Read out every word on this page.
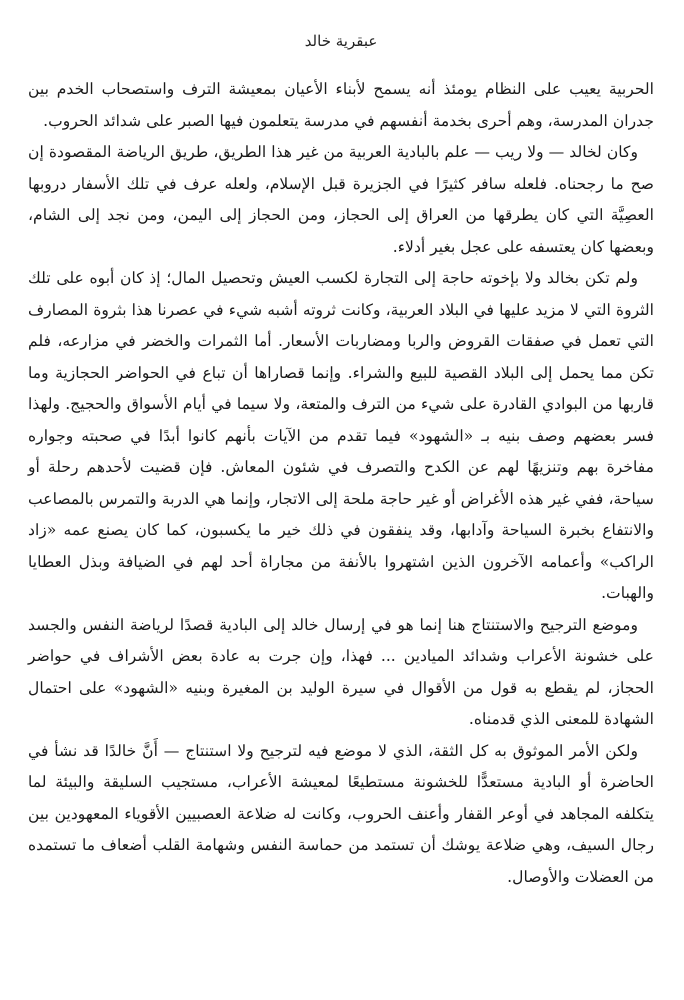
عبقرية خالد

الحربية يعيب على النظام يومئذ أنه يسمح لأبناء الأعيان بمعيشة الترف واستصحاب الخدم بين جدران المدرسة، وهم أحرى بخدمة أنفسهم في مدرسة يتعلمون فيها الصبر على شدائد الحروب.

وكان لخالد — ولا ريب — علم بالبادية العربية من غير هذا الطريق، طريق الرياضة المقصودة إن صح ما رجحناه. فلعله سافر كثيرًا في الجزيرة قبل الإسلام، ولعله عرف في تلك الأسفار دروبها العصِيَّة التي كان يطرقها من العراق إلى الحجاز، ومن الحجاز إلى اليمن، ومن نجد إلى الشام، وبعضها كان يعتسفه على عجل بغير أدلاء.

ولم تكن بخالد ولا بإخوته حاجة إلى التجارة لكسب العيش وتحصيل المال؛ إذ كان أبوه على تلك الثروة التي لا مزيد عليها في البلاد العربية، وكانت ثروته أشبه شيء في عصرنا هذا بثروة المصارف التي تعمل في صفقات القروض والربا ومضاربات الأسعار. أما الثمرات والخضر في مزارعه، فلم تكن مما يحمل إلى البلاد القصية للبيع والشراء. وإنما قصاراها أن تباع في الحواضر الحجازية وما قاربها من البوادي القادرة على شيء من الترف والمتعة، ولا سيما في أيام الأسواق والحجيج. ولهذا فسر بعضهم وصف بنيه بـ «الشهود» فيما تقدم من الآيات بأنهم كانوا أبدًا في صحبته وجواره مفاخرة بهم وتنزيهًا لهم عن الكدح والتصرف في شئون المعاش. فإن قضيت لأحدهم رحلة أو سياحة، ففي غير هذه الأغراض أو غير حاجة ملحة إلى الاتجار، وإنما هي الدربة والتمرس بالمصاعب والانتفاع بخبرة السياحة وآدابها، وقد ينفقون في ذلك خير ما يكسبون، كما كان يصنع عمه «زاد الراكب» وأعمامه الآخرون الذين اشتهروا بالأنفة من مجاراة أحد لهم في الضيافة وبذل العطايا والهبات.

وموضع الترجيح والاستنتاج هنا إنما هو في إرسال خالد إلى البادية قصدًا لرياضة النفس والجسد على خشونة الأعراب وشدائد الميادين ... فهذا، وإن جرت به عادة بعض الأشراف في حواضر الحجاز، لم يقطع به قول من الأقوال في سيرة الوليد بن المغيرة وبنيه «الشهود» على احتمال الشهادة للمعنى الذي قدمناه.

ولكن الأمر الموثوق به كل الثقة، الذي لا موضع فيه لترجيح ولا استنتاج — أَنَّ خالدًا قد نشأ في الحاضرة أو البادية مستعدًّا للخشونة مستطيعًا لمعيشة الأعراب، مستجيب السليقة والبيئة لما يتكلفه المجاهد في أوعر القفار وأعنف الحروب، وكانت له ضلاعة العصبيين الأقوياء المعهودين بين رجال السيف، وهي ضلاعة يوشك أن تستمد من حماسة النفس وشهامة القلب أضعاف ما تستمده من العضلات والأوصال.
